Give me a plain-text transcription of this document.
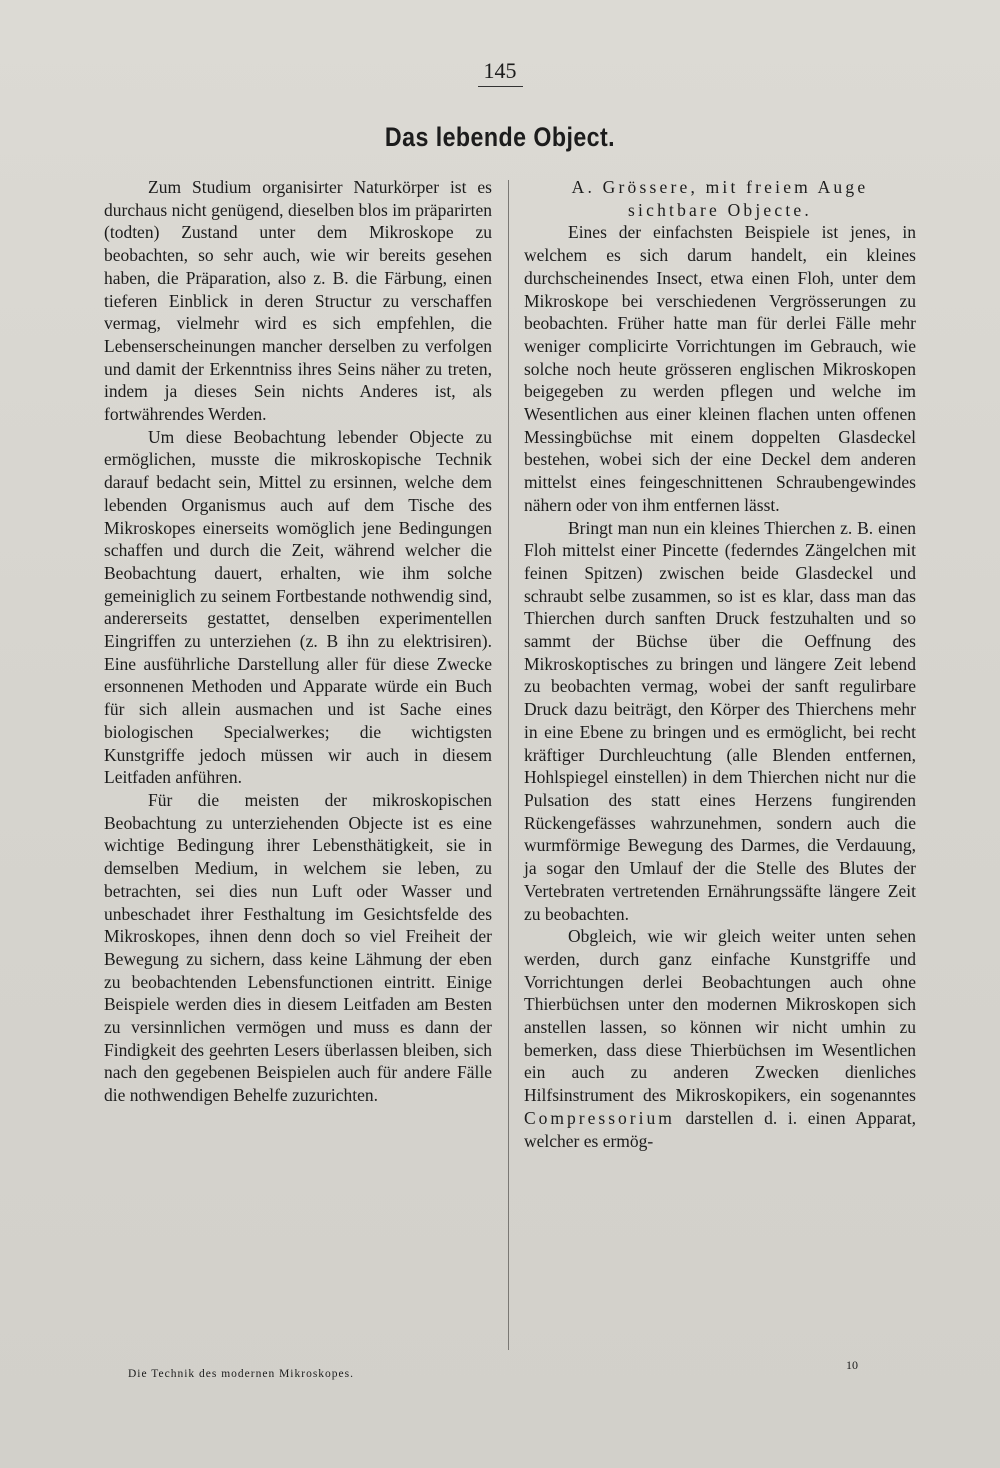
145
Das lebende Object.

Zum Studium organisirter Naturkörper ist es durchaus nicht genügend, dieselben blos im präparirten (todten) Zustand unter dem Mikroskope zu beobachten, so sehr auch, wie wir bereits gesehen haben, die Präparation, also z. B. die Färbung, einen tieferen Einblick in deren Structur zu verschaffen vermag, vielmehr wird es sich empfehlen, die Lebenserscheinungen mancher derselben zu verfolgen und damit der Erkenntniss ihres Seins näher zu treten, indem ja dieses Sein nichts Anderes ist, als fortwährendes Werden.

Um diese Beobachtung lebender Objecte zu ermöglichen, musste die mikroskopische Technik darauf bedacht sein, Mittel zu ersinnen, welche dem lebenden Organismus auch auf dem Tische des Mikroskopes einerseits womöglich jene Bedingungen schaffen und durch die Zeit, während welcher die Beobachtung dauert, erhalten, wie ihm solche gemeiniglich zu seinem Fortbestande nothwendig sind, andererseits gestattet, denselben experimentellen Eingriffen zu unterziehen (z. B ihn zu elektrisiren). Eine ausführliche Darstellung aller für diese Zwecke ersonnenen Methoden und Apparate würde ein Buch für sich allein ausmachen und ist Sache eines biologischen Specialwerkes; die wichtigsten Kunstgriffe jedoch müssen wir auch in diesem Leitfaden anführen.

Für die meisten der mikroskopischen Beobachtung zu unterziehenden Objecte ist es eine wichtige Bedingung ihrer Lebensthätigkeit, sie in demselben Medium, in welchem sie leben, zu betrachten, sei dies nun Luft oder Wasser und unbeschadet ihrer Festhaltung im Gesichtsfelde des Mikroskopes, ihnen denn doch so viel Freiheit der Bewegung zu sichern, dass keine Lähmung der eben zu beobachtenden Lebensfunctionen eintritt. Einige Beispiele werden dies in diesem Leitfaden am Besten zu versinnlichen vermögen und muss es dann der Findigkeit des geehrten Lesers überlassen bleiben, sich nach den gegebenen Beispielen auch für andere Fälle die nothwendigen Behelfe zuzurichten.

A. Grössere, mit freiem Auge sichtbare Objecte.

Eines der einfachsten Beispiele ist jenes, in welchem es sich darum handelt, ein kleines durchscheinendes Insect, etwa einen Floh, unter dem Mikroskope bei verschiedenen Vergrösserungen zu beobachten. Früher hatte man für derlei Fälle mehr weniger complicirte Vorrichtungen im Gebrauch, wie solche noch heute grösseren englischen Mikroskopen beigegeben zu werden pflegen und welche im Wesentlichen aus einer kleinen flachen unten offenen Messingbüchse mit einem doppelten Glasdeckel bestehen, wobei sich der eine Deckel dem anderen mittelst eines feingeschnittenen Schraubengewindes nähern oder von ihm entfernen lässt.

Bringt man nun ein kleines Thierchen z. B. einen Floh mittelst einer Pincette (federndes Zängelchen mit feinen Spitzen) zwischen beide Glasdeckel und schraubt selbe zusammen, so ist es klar, dass man das Thierchen durch sanften Druck festzuhalten und so sammt der Büchse über die Oeffnung des Mikroskoptisches zu bringen und längere Zeit lebend zu beobachten vermag, wobei der sanft regulirbare Druck dazu beiträgt, den Körper des Thierchens mehr in eine Ebene zu bringen und es ermöglicht, bei recht kräftiger Durchleuchtung (alle Blenden entfernen, Hohlspiegel einstellen) in dem Thierchen nicht nur die Pulsation des statt eines Herzens fungirenden Rückengefässes wahrzunehmen, sondern auch die wurmförmige Bewegung des Darmes, die Verdauung, ja sogar den Umlauf der die Stelle des Blutes der Vertebraten vertretenden Ernährungssäfte längere Zeit zu beobachten.

Obgleich, wie wir gleich weiter unten sehen werden, durch ganz einfache Kunstgriffe und Vorrichtungen derlei Beobachtungen auch ohne Thierbüchsen unter den modernen Mikroskopen sich anstellen lassen, so können wir nicht umhin zu bemerken, dass diese Thierbüchsen im Wesentlichen ein auch zu anderen Zwecken dienliches Hilfsinstrument des Mikroskopikers, ein sogenanntes Compressorium darstellen d. i. einen Apparat, welcher es ermög-

Die Technik des modernen Mikroskopes.
10
